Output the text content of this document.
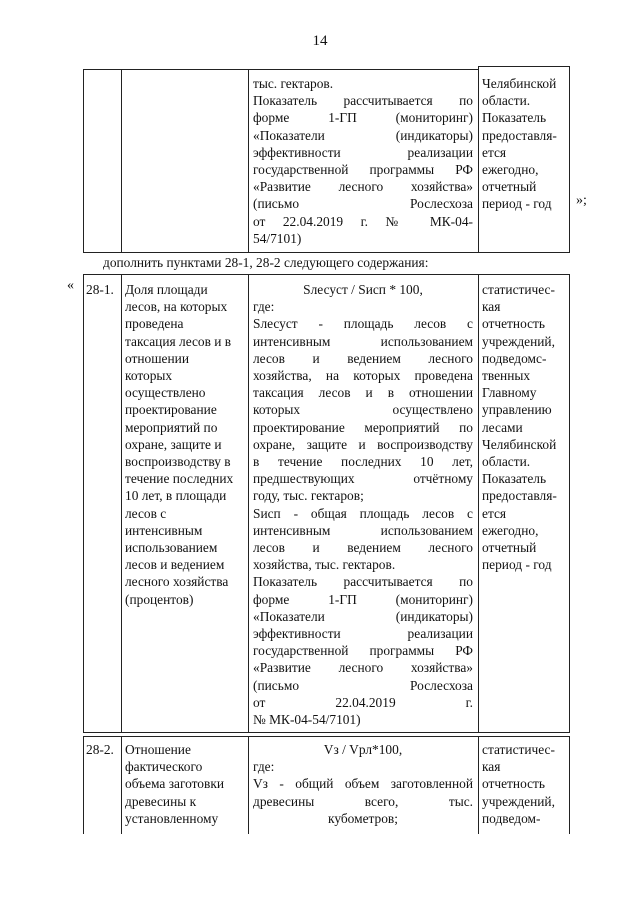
14
тыс. гектаров.
Показатель рассчитывается по
форме 1-ГП (мониторинг)
«Показатели (индикаторы)
эффективности реализации
государственной программы РФ
«Развитие лесного хозяйства»
(письмо Рослесхоза
от 22.04.2019 г. № МК-04-
54/7101)
Челябинской
области.
Показатель
предоставля-
ется
ежегодно,
отчетный
период - год	»;
дополнить пунктами 28-1, 28-2 следующего содержания:
« 28-1. Доля площади
лесов, на которых
проведена
таксация лесов и в
отношении
которых
осуществлено
проектирование
мероприятий по
охране, защите и
воспроизводству в
течение последних
10 лет, в площади
лесов с
интенсивным
использованием
лесов и ведением
лесного хозяйства
(процентов)
Sлесуст / Sисп * 100,
где:
Sлесуст - площадь лесов с
интенсивным использованием
лесов и ведением лесного
хозяйства, на которых проведена
таксация лесов и в отношении
которых осуществлено
проектирование мероприятий по
охране, защите и воспроизводству
в течение последних 10 лет,
предшествующих отчётному
году, тыс. гектаров;
Sисп - общая площадь лесов с
интенсивным использованием
лесов и ведением лесного
хозяйства, тыс. гектаров.
Показатель рассчитывается по
форме 1-ГП (мониторинг)
«Показатели (индикаторы)
эффективности реализации
государственной программы РФ
«Развитие лесного хозяйства»
(письмо Рослесхоза
от 22.04.2019 г.
№ МК-04-54/7101)
статистичес-
кая
отчетность
учреждений,
подведомс-
твенных
Главному
управлению
лесами
Челябинской
области.
Показатель
предоставля-
ется
ежегодно,
отчетный
период - год
28-2. Отношение
фактического
объема заготовки
древесины к
установленному
Vз / Vрл*100,
где:
Vз - общий объем заготовленной
древесины всего, тыс.
кубометров;
статистичес-
кая
отчетность
учреждений,
подведом-
